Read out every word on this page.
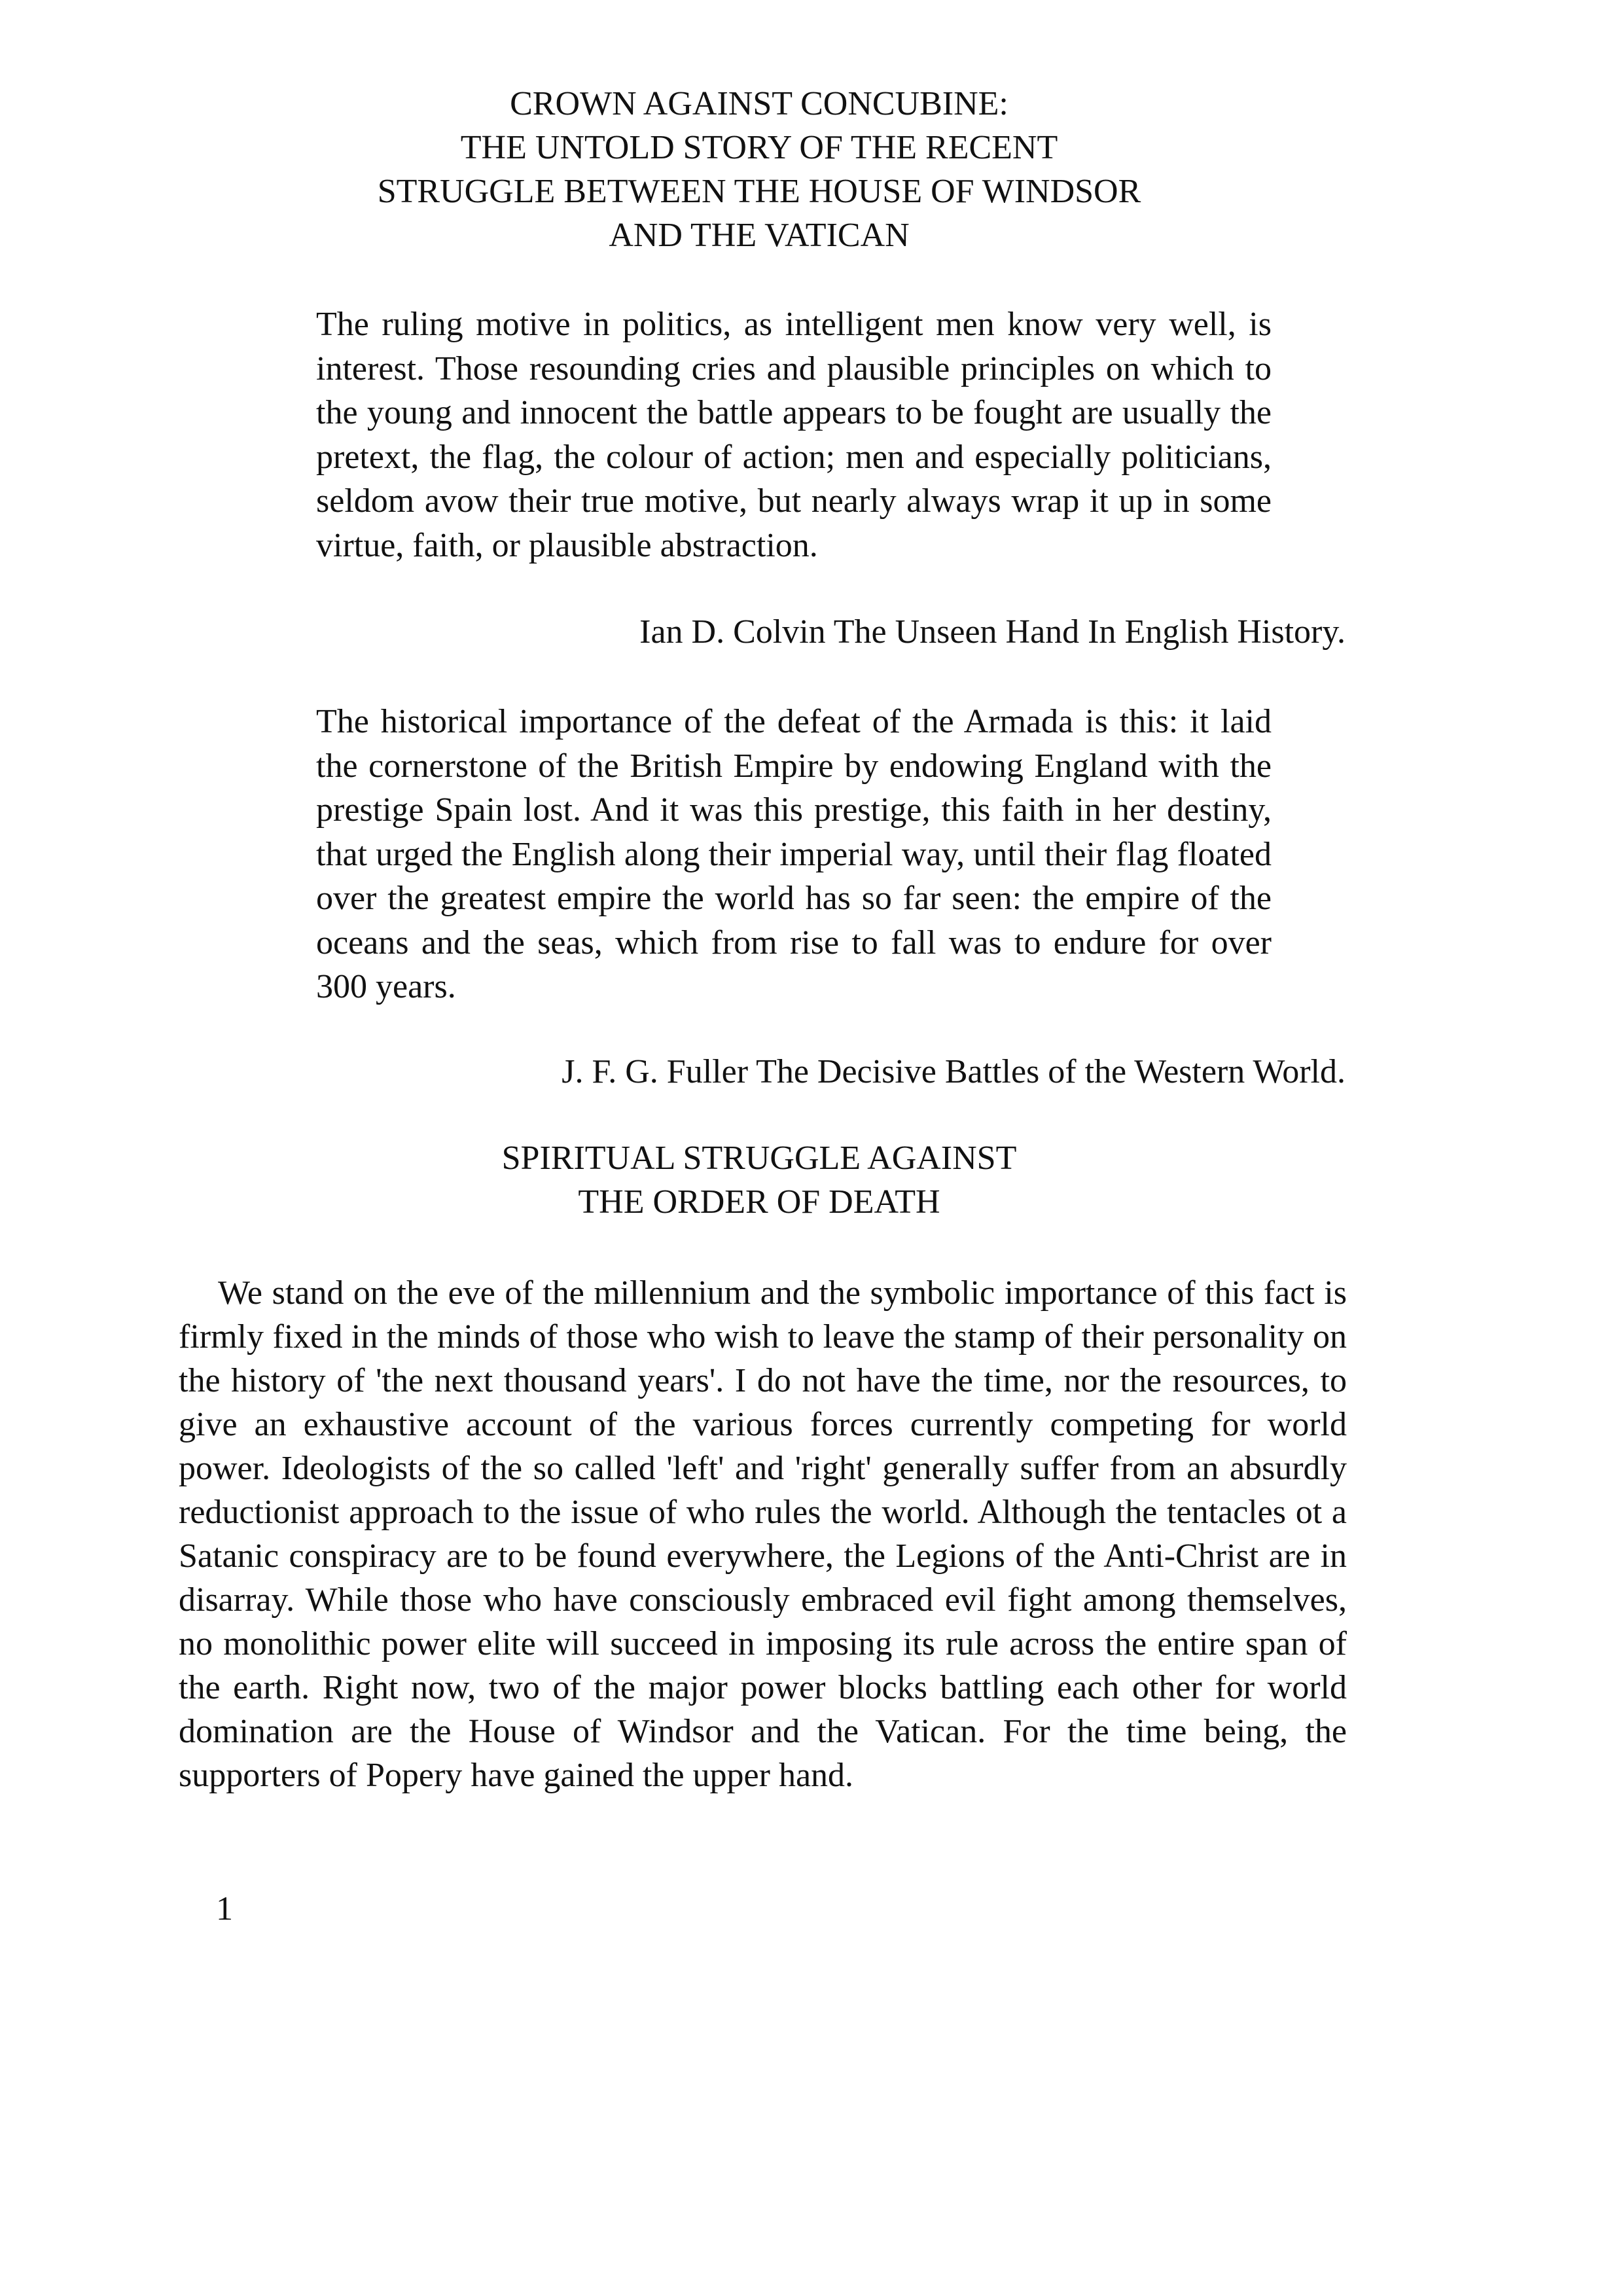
CROWN AGAINST CONCUBINE:
THE UNTOLD STORY OF THE RECENT
STRUGGLE BETWEEN THE HOUSE OF WINDSOR
AND THE VATICAN

The ruling motive in politics, as intelligent men know very well, is interest. Those resounding cries and plausible principles on which to the young and innocent the battle appears to be fought are usually the pretext, the flag, the colour of action; men and especially politicians, seldom avow their true motive, but nearly always wrap it up in some virtue, faith, or plausible abstraction.

Ian D. Colvin The Unseen Hand In English History.

The historical importance of the defeat of the Armada is this: it laid the cornerstone of the British Empire by endowing England with the prestige Spain lost. And it was this prestige, this faith in her destiny, that urged the English along their imperial way, until their flag floated over the greatest empire the world has so far seen: the empire of the oceans and the seas, which from rise to fall was to endure for over 300 years.

J. F. G. Fuller The Decisive Battles of the Western World.

SPIRITUAL STRUGGLE AGAINST
THE ORDER OF DEATH

We stand on the eve of the millennium and the symbolic importance of this fact is firmly fixed in the minds of those who wish to leave the stamp of their personality on the history of 'the next thousand years'. I do not have the time, nor the resources, to give an exhaustive account of the various forces currently competing for world power. Ideologists of the so called 'left' and 'right' generally suffer from an absurdly reductionist approach to the issue of who rules the world. Although the tentacles ot a Satanic conspiracy are to be found everywhere, the Legions of the Anti-Christ are in disarray. While those who have consciously embraced evil fight among themselves, no monolithic power elite will succeed in imposing its rule across the entire span of the earth. Right now, two of the major power blocks battling each other for world domination are the House of Windsor and the Vatican. For the time being, the supporters of Popery have gained the upper hand.

1
